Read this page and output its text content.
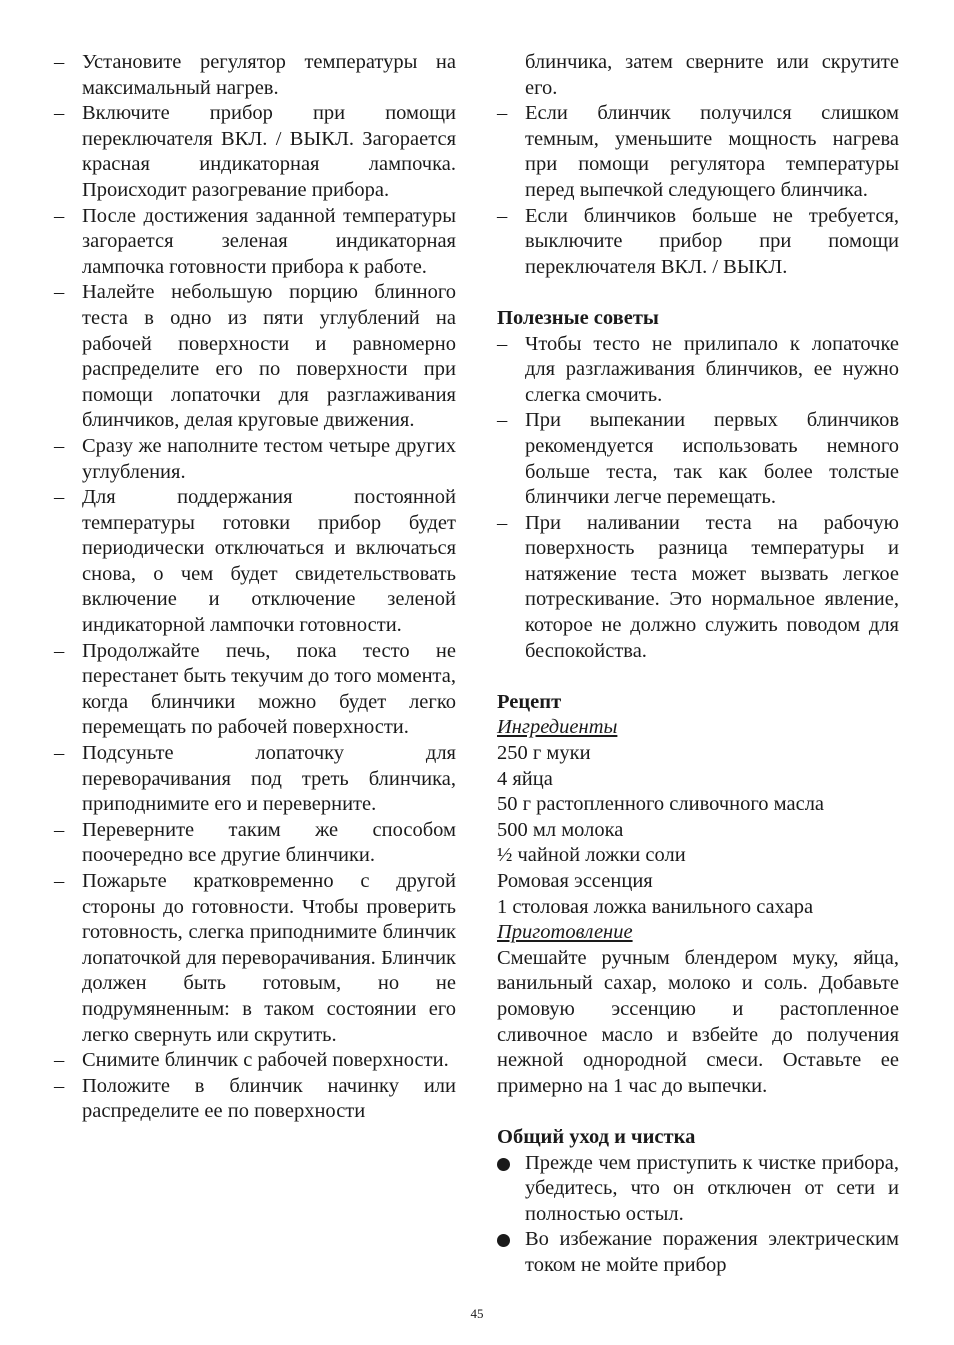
– Установите регулятор температуры на максимальный нагрев.
– Включите прибор при помощи переключателя ВКЛ. / ВЫКЛ. Загорается красная индикаторная лампочка. Происходит разогревание прибора.
– После достижения заданной температуры загорается зеленая индикаторная лампочка готовности прибора к работе.
– Налейте небольшую порцию блинного теста в одно из пяти углублений на рабочей поверхности и равномерно распределите его по поверхности при помощи лопаточки для разглаживания блинчиков, делая круговые движения.
– Сразу же наполните тестом четыре других углубления.
– Для поддержания постоянной температуры готовки прибор будет периодически отключаться и включаться снова, о чем будет свидетельствовать включение и отключение зеленой индикаторной лампочки готовности.
– Продолжайте печь, пока тесто не перестанет быть текучим до того момента, когда блинчики можно будет легко перемещать по рабочей поверхности.
– Подсуньте лопаточку для переворачивания под треть блинчика, приподнимите его и переверните.
– Переверните таким же способом поочередно все другие блинчики.
– Пожарьте кратковременно с другой стороны до готовности. Чтобы проверить готовность, слегка приподнимите блинчик лопаточкой для переворачивания. Блинчик должен быть готовым, но не подрумяненным: в таком состоянии его легко свернуть или скрутить.
– Снимите блинчик с рабочей поверхности.
– Положите в блинчик начинку или распределите ее по поверхности
блинчика, затем сверните или скрутите его.
– Если блинчик получился слишком темным, уменьшите мощность нагрева при помощи регулятора температуры перед выпечкой следующего блинчика.
– Если блинчиков больше не требуется, выключите прибор при помощи переключателя ВКЛ. / ВЫКЛ.
Полезные советы
– Чтобы тесто не прилипало к лопаточке для разглаживания блинчиков, ее нужно слегка смочить.
– При выпекании первых блинчиков рекомендуется использовать немного больше теста, так как более толстые блинчики легче перемещать.
– При наливании теста на рабочую поверхность разница температуры и натяжение теста может вызвать легкое потрескивание. Это нормальное явление, которое не должно служить поводом для беспокойства.
Рецепт
Ингредиенты
250 г муки
4 яйца
50 г растопленного сливочного масла
500 мл молока
½ чайной ложки соли
Ромовая эссенция
1 столовая ложка ванильного сахара
Приготовление
Смешайте ручным блендером муку, яйца, ванильный сахар, молоко и соль. Добавьте ромовую эссенцию и растопленное сливочное масло и взбейте до получения нежной однородной смеси. Оставьте ее примерно на 1 час до выпечки.
Общий уход и чистка
Прежде чем приступить к чистке прибора, убедитесь, что он отключен от сети и полностью остыл.
Во избежание поражения электрическим током не мойте прибор
45
